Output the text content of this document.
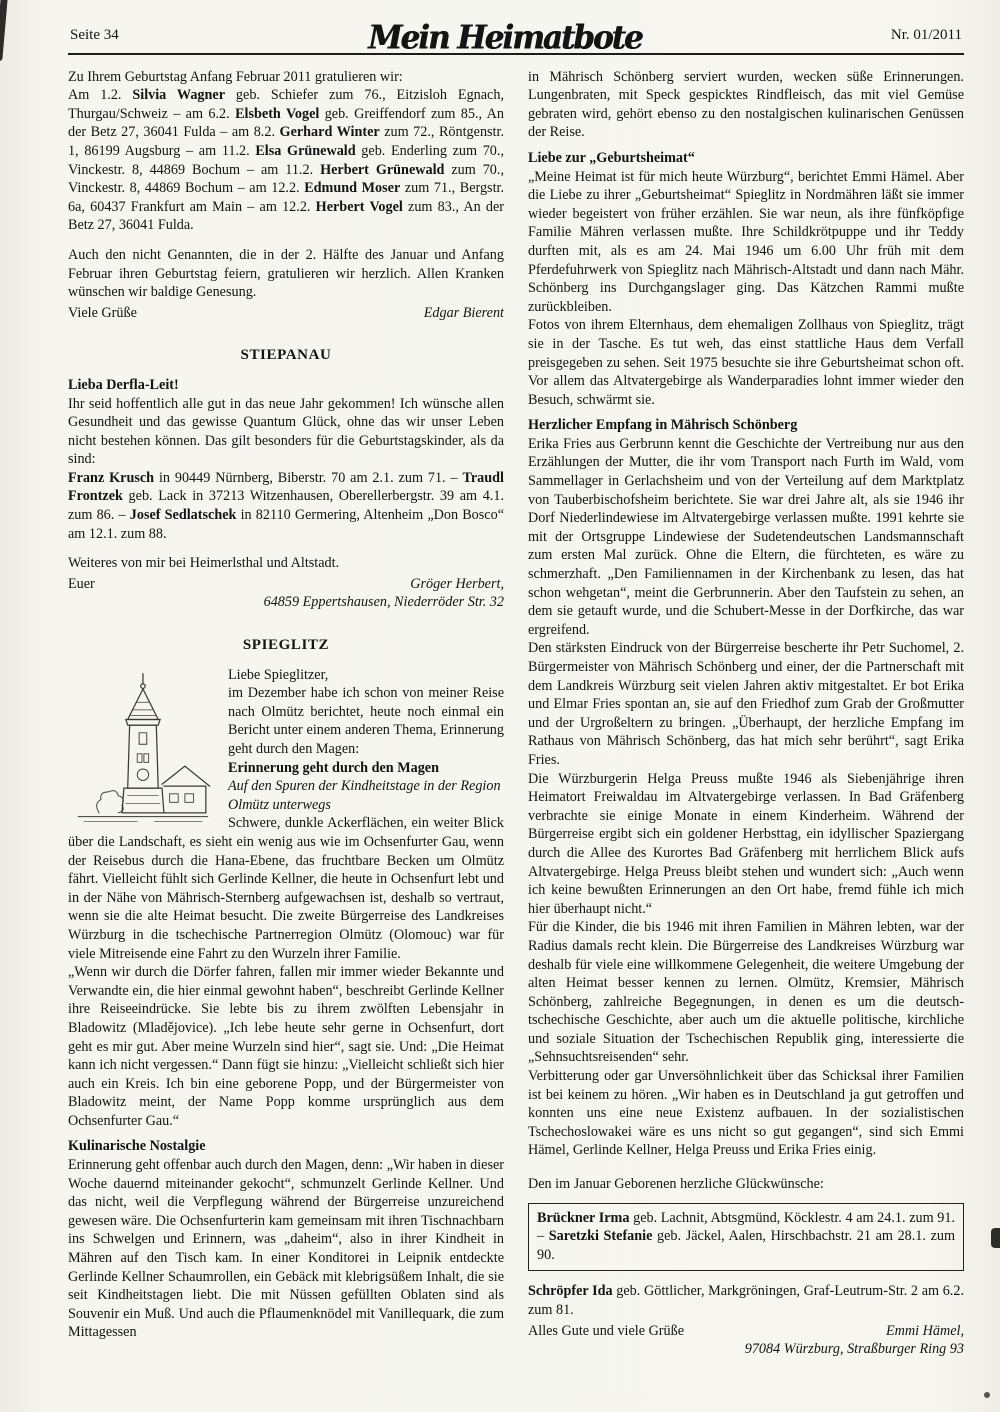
Seite 34	Mein Heimatbote	Nr. 01/2011

Zu Ihrem Geburtstag Anfang Februar 2011 gratulieren wir:

Am 1.2. Silvia Wagner geb. Schiefer zum 76., Eitzisloh Egnach, Thurgau/Schweiz – am 6.2. Elsbeth Vogel geb. Greiffendorf zum 85., An der Betz 27, 36041 Fulda – am 8.2. Gerhard Winter zum 72., Röntgenstr. 1, 86199 Augsburg – am 11.2. Elsa Grünewald geb. Enderling zum 70., Vinckestr. 8, 44869 Bochum – am 11.2. Herbert Grünewald zum 70., Vinckestr. 8, 44869 Bochum – am 12.2. Edmund Moser zum 71., Bergstr. 6a, 60437 Frankfurt am Main – am 12.2. Herbert Vogel zum 83., An der Betz 27, 36041 Fulda.

Auch den nicht Genannten, die in der 2. Hälfte des Januar und Anfang Februar ihren Geburtstag feiern, gratulieren wir herzlich. Allen Kranken wünschen wir baldige Genesung.

Viele Grüße	Edgar Bierent
STIEPANAU

Lieba Derfla-Leit!

Ihr seid hoffentlich alle gut in das neue Jahr gekommen! Ich wünsche allen Gesundheit und das gewisse Quantum Glück, ohne das wir unser Leben nicht bestehen können. Das gilt besonders für die Geburtstagskinder, als da sind:

Franz Krusch in 90449 Nürnberg, Biberstr. 70 am 2.1. zum 71. – Traudl Frontzek geb. Lack in 37213 Witzenhausen, Oberellerbergstr. 39 am 4.1. zum 86. – Josef Sedlatschek in 82110 Germering, Altenheim „Don Bosco“ am 12.1. zum 88.

Weiteres von mir bei Heimerlsthal und Altstadt.

Euer	Gröger Herbert,

64859 Eppertshausen, Niederröder Str. 32

SPIEGLITZ

Liebe Spieglitzer,

im Dezember habe ich schon von meiner Reise nach Olmütz berichtet, heute noch einmal ein Bericht unter einem anderen Thema, Erinnerung geht durch den Magen:

Erinnerung geht durch den Magen

Auf den Spuren der Kindheitstage in der Region Olmütz unterwegs

Schwere, dunkle Ackerflächen, ein weiter Blick über die Landschaft, es sieht ein wenig aus wie im Ochsenfurter Gau, wenn der Reisebus durch die Hana-Ebene, das fruchtbare Becken um Olmütz fährt. Vielleicht fühlt sich Gerlinde Kellner, die heute in Ochsenfurt lebt und in der Nähe von Mährisch-Sternberg aufgewachsen ist, deshalb so vertraut, wenn sie die alte Heimat besucht. Die zweite Bürgerreise des Landkreises Würzburg in die tschechische Partnerregion Olmütz (Olomouc) war für viele Mitreisende eine Fahrt zu den Wurzeln ihrer Familie.

„Wenn wir durch die Dörfer fahren, fallen mir immer wieder Bekannte und Verwandte ein, die hier einmal gewohnt haben“, beschreibt Gerlinde Kellner ihre Reiseeindrücke. Sie lebte bis zu ihrem zwölften Lebensjahr in Bladowitz (Mladějovice). „Ich lebe heute sehr gerne in Ochsenfurt, dort geht es mir gut. Aber meine Wurzeln sind hier“, sagt sie. Und: „Die Heimat kann ich nicht vergessen.“ Dann fügt sie hinzu: „Vielleicht schließt sich hier auch ein Kreis. Ich bin eine geborene Popp, und der Bürgermeister von Bladowitz meint, der Name Popp komme ursprünglich aus dem Ochsenfurter Gau.“

Kulinarische Nostalgie

Erinnerung geht offenbar auch durch den Magen, denn: „Wir haben in dieser Woche dauernd miteinander gekocht“, schmunzelt Gerlinde Kellner. Und das nicht, weil die Verpflegung während der Bürgerreise unzureichend gewesen wäre. Die Ochsenfurterin kam gemeinsam mit ihren Tischnachbarn ins Schwelgen und Erinnern, was „daheim“, also in ihrer Kindheit in Mähren auf den Tisch kam. In einer Konditorei in Leipnik entdeckte Gerlinde Kellner Schaumrollen, ein Gebäck mit klebrigsüßem Inhalt, die sie seit Kindheitstagen liebt. Die mit Nüssen gefüllten Oblaten sind als Souvenir ein Muß. Und auch die Pflaumenknödel mit Vanillequark, die zum Mittagessen

in Mährisch Schönberg serviert wurden, wecken süße Erinnerungen. Lungenbraten, mit Speck gespicktes Rindfleisch, das mit viel Gemüse gebraten wird, gehört ebenso zu den nostalgischen kulinarischen Genüssen der Reise.

Liebe zur „Geburtsheimat“

„Meine Heimat ist für mich heute Würzburg“, berichtet Emmi Hämel. Aber die Liebe zu ihrer „Geburtsheimat“ Spieglitz in Nordmähren läßt sie immer wieder begeistert von früher erzählen. Sie war neun, als ihre fünfköpfige Familie Mähren verlassen mußte. Ihre Schildkrötpuppe und ihr Teddy durften mit, als es am 24. Mai 1946 um 6.00 Uhr früh mit dem Pferdefuhrwerk von Spieglitz nach Mährisch-Altstadt und dann nach Mähr. Schönberg ins Durchgangslager ging. Das Kätzchen Rammi mußte zurückbleiben.

Fotos von ihrem Elternhaus, dem ehemaligen Zollhaus von Spieglitz, trägt sie in der Tasche. Es tut weh, das einst stattliche Haus dem Verfall preisgegeben zu sehen. Seit 1975 besuchte sie ihre Geburtsheimat schon oft. Vor allem das Altvatergebirge als Wanderparadies lohnt immer wieder den Besuch, schwärmt sie.

Herzlicher Empfang in Mährisch Schönberg

Erika Fries aus Gerbrunn kennt die Geschichte der Vertreibung nur aus den Erzählungen der Mutter, die ihr vom Transport nach Furth im Wald, vom Sammellager in Gerlachsheim und von der Verteilung auf dem Marktplatz von Tauberbischofsheim berichtete. Sie war drei Jahre alt, als sie 1946 ihr Dorf Niederlindewiese im Altvatergebirge verlassen mußte. 1991 kehrte sie mit der Ortsgruppe Lindewiese der Sudetendeutschen Landsmannschaft zum ersten Mal zurück. Ohne die Eltern, die fürchteten, es wäre zu schmerzhaft. „Den Familiennamen in der Kirchenbank zu lesen, das hat schon wehgetan“, meint die Gerbrunnerin. Aber den Taufstein zu sehen, an dem sie getauft wurde, und die Schubert-Messe in der Dorfkirche, das war ergreifend.

Den stärksten Eindruck von der Bürgerreise bescherte ihr Petr Suchomel, 2. Bürgermeister von Mährisch Schönberg und einer, der die Partnerschaft mit dem Landkreis Würzburg seit vielen Jahren aktiv mitgestaltet. Er bot Erika und Elmar Fries spontan an, sie auf den Friedhof zum Grab der Großmutter und der Urgroßeltern zu bringen. „Überhaupt, der herzliche Empfang im Rathaus von Mährisch Schönberg, das hat mich sehr berührt“, sagt Erika Fries.

Die Würzburgerin Helga Preuss mußte 1946 als Siebenjährige ihren Heimatort Freiwaldau im Altvatergebirge verlassen. In Bad Gräfenberg verbrachte sie einige Monate in einem Kinderheim. Während der Bürgerreise ergibt sich ein goldener Herbsttag, ein idyllischer Spaziergang durch die Allee des Kurortes Bad Gräfenberg mit herrlichem Blick aufs Altvatergebirge. Helga Preuss bleibt stehen und wundert sich: „Auch wenn ich keine bewußten Erinnerungen an den Ort habe, fremd fühle ich mich hier überhaupt nicht.“

Für die Kinder, die bis 1946 mit ihren Familien in Mähren lebten, war der Radius damals recht klein. Die Bürgerreise des Landkreises Würzburg war deshalb für viele eine willkommene Gelegenheit, die weitere Umgebung der alten Heimat besser kennen zu lernen. Olmütz, Kremsier, Mährisch Schönberg, zahlreiche Begegnungen, in denen es um die deutsch-tschechische Geschichte, aber auch um die aktuelle politische, kirchliche und soziale Situation der Tschechischen Republik ging, interessierte die „Sehnsuchtsreisenden“ sehr.

Verbitterung oder gar Unversöhnlichkeit über das Schicksal ihrer Familien ist bei keinem zu hören. „Wir haben es in Deutschland ja gut getroffen und konnten uns eine neue Existenz aufbauen. In der sozialistischen Tschechoslowakei wäre es uns nicht so gut gegangen“, sind sich Emmi Hämel, Gerlinde Kellner, Helga Preuss und Erika Fries einig.

Den im Januar Geborenen herzliche Glückwünsche:

Brückner Irma geb. Lachnit, Abtsgmünd, Köcklestr. 4 am 24.1. zum 91. – Saretzki Stefanie geb. Jäckel, Aalen, Hirschbachstr. 21 am 28.1. zum 90.

Schröpfer Ida geb. Göttlicher, Markgröningen, Graf-Leutrum-Str. 2 am 6.2. zum 81.

Alles Gute und viele Grüße	Emmi Hämel,

97084 Würzburg, Straßburger Ring 93
